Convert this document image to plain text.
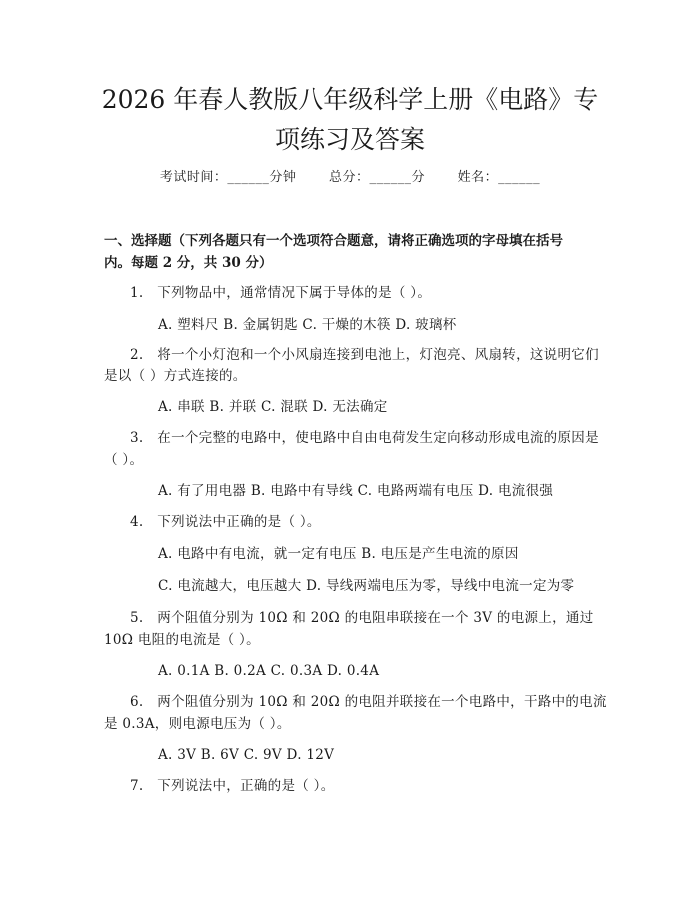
2026 年春人教版八年级科学上册《电路》专
项练习及答案
考试时间：______分钟	总分：______分	姓名：______
一、选择题（下列各题只有一个选项符合题意，请将正确选项的字母填在括号
内。每题 2 分，共 30 分）
1.　下列物品中，通常情况下属于导体的是（ ）。
A. 塑料尺 B. 金属钥匙 C. 干燥的木筷 D. 玻璃杯
2.　将一个小灯泡和一个小风扇连接到电池上，灯泡亮、风扇转，这说明它们
是以（ ）方式连接的。
A. 串联 B. 并联 C. 混联 D. 无法确定
3.　在一个完整的电路中，使电路中自由电荷发生定向移动形成电流的原因是
（ ）。
A. 有了用电器 B. 电路中有导线 C. 电路两端有电压 D. 电流很强
4.　下列说法中正确的是（ ）。
A. 电路中有电流，就一定有电压 B. 电压是产生电流的原因
C. 电流越大，电压越大 D. 导线两端电压为零，导线中电流一定为零
5.　两个阻值分别为 10Ω 和 20Ω 的电阻串联接在一个 3V 的电源上，通过
10Ω 电阻的电流是（ ）。
A. 0.1A B. 0.2A C. 0.3A D. 0.4A
6.　两个阻值分别为 10Ω 和 20Ω 的电阻并联接在一个电路中，干路中的电流
是 0.3A，则电源电压为（ ）。
A. 3V B. 6V C. 9V D. 12V
7.　下列说法中，正确的是（ ）。
